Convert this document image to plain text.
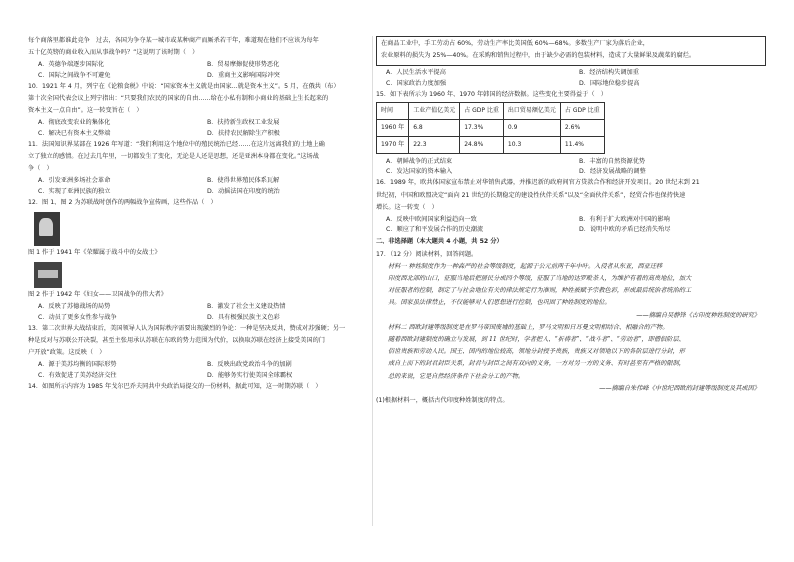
每个商落里都谁此竞争　过去，各国为争夺某一城市或某种商产而厮杀若干年，难道现在他们不应该为每年

五十亿英镑的商业收入而从事战争吗？”这说明了该时期（　）

A．英德争端逐步国际化	B．贸易摩擦促使形势恶化
C．国际之间战争不可避免	D．重商主义影响国际冲突

10．1921 年 4 月，列宁在《论粮食税》中说：“国家资本主义就是由国家...就是资本主义”。5 月，在俄共（布）

第十次全国代表会议上列宁指出：“只要我们农民的国家的自由……给在小私有制和小商业的基础上生长起来的

资本主义一点自由”。这一转变旨在（　）

A．彻底改变农业的集体化	B．扶持新生政权工业发展
C．解决已有资本主义弊端	D．扶持农民解除生产积极

11．法国知识界某部在 1926 年写道：“我们利用这个地位中的殖民统治已经……在这片远离我们的土地上确

立了独立的感情。在过去几年里，一切都发生了变化，无论是人还是思想，还是亚洲本身都在变化。”这场战

争（　）

A．引发亚洲多场社会革命	B．使得世界殖民体系瓦解
C．实现了亚洲民族的独立	D．动摇法国在印度的统治

12．图 1、图 2 为苏联战时创作的两幅战争宣传画，这些作品（　）

图 1 作于 1941 年《荣耀属于战斗中的女战士》

图 2 作于 1942 年《妇女——卫国战争的伟大者》

A．反映了苏德战场的局势	B．激发了社会主义建设热情
C．动员了更多女性参与战争	D．具有极强民族主义色彩

13．第二次世界大战结束后，美国领导人认为国际秩序需要出现激烈的争论：一种是坚决反共，赞成对苏强硬；另一

种是反对与苏联公开决裂，甚至主张用承认苏联在东欧的势力范围为代价，以换取苏联在经济上接受美国的门

户开放”政策。这反映（　）

A．源于美苏均衡的国际形势	B．反映出政党政治斗争的加剧
C．有效促进了美苏经济交往	D．能够务实行使美国全球霸权

14．如图所示内容为 1985 年戈尔巴乔夫同共中央政治局提交的一份材料，据此可知，这一时期苏联（　）

在商品工业中，手工劳动占 60%，劳动生产率比美国低 60%—68%。多数生产厂家为落后企业，

农业原料的损失为 25%—40%。在采购和销售过程中，由于缺少必需的包装材料，造成了大量鲜果及蔬菜的腐烂。

A．人民生活水平提高	B．经济结构失调加重
C．国家政治力度加强	D．国际地位稳步提高

15．如下表所示为 1960 年、1970 年韩国的经济数据。这些变化主要得益于（　）

时间	工业产值亿美元	占 GDP 比重	出口贸易额亿美元	占 GDP 比重
1960 年	6.8	17.3%	0.9	2.6%
1970 年	22.3	24.8%	10.3	11.4%
A．朝鲜战争的正式结束	B．丰富的自然资源优势
C．发达国家的资本输入	D．经济发展战略的调整

16．1989 年，欧共体国家宣布禁止对华销售武器，并推迟新的政府间官方贷款合作和经济开发项目。20 世纪末到 21

世纪初，中国和欧盟决定“面向 21 世纪的长期稳定的建设性伙伴关系”以及“全面伙伴关系”，经贸合作也保持快速

增长。这一转变（　）

A．反映中欧间国家利益趋向一致	B．有利于扩大欧洲对中国的影响
C．顺应了和平发展合作的历史潮流	D．说明中欧的矛盾已经消失殆尽

二、非选择题（本大题共 4 小题，共 52 分）

17．（12 分）阅读材料，回答问题。

材料一 种姓制度作为一种森严的社会等级制度，起源于公元前两千年中叶。入侵者从东亚，西亚迁移

印度西北部的山口，征服当地后把居民分成四个等级，征服了当地的达罗毗荼人，为维护有着的高贵地位，加大

对征服者的控制，制定了与社会地位有关的律法规定行为准则，种姓被赋予宗教色彩，形成最后统治者统治的工

具。国家虽法律禁止，不仅能够对人们思想进行控制，也巩固了种姓制度的地位。

——摘编自吴静锋《古印度种姓制度的研究》

材料二 西欧封建等级制度是在罗马帝国废墟的基础上，罗马文明和日耳曼文明相结合、相融合的产物。

随着西欧封建制度的确立与发展，到 11 世纪时，学者把人、“祈祷者”、“战斗者”、“劳动者”，即僧侣阶层、

俗世贵族和劳动人民。国王、国内的地位较高，领地分封授予贵族，贵族又对领地以下的各阶层进行分封，形

成自上而下的封君封臣关系，封君与封臣之间有双向的义务，一方对另一方的义务、有时甚至有严格的限制，

总的来说，它是自然经济条件下社会分工的产物。

——摘编自朱伟峰《中世纪西欧的封建等级制度及其成因》

(1)根据材料一，概括古代印度种姓制度的特点。
